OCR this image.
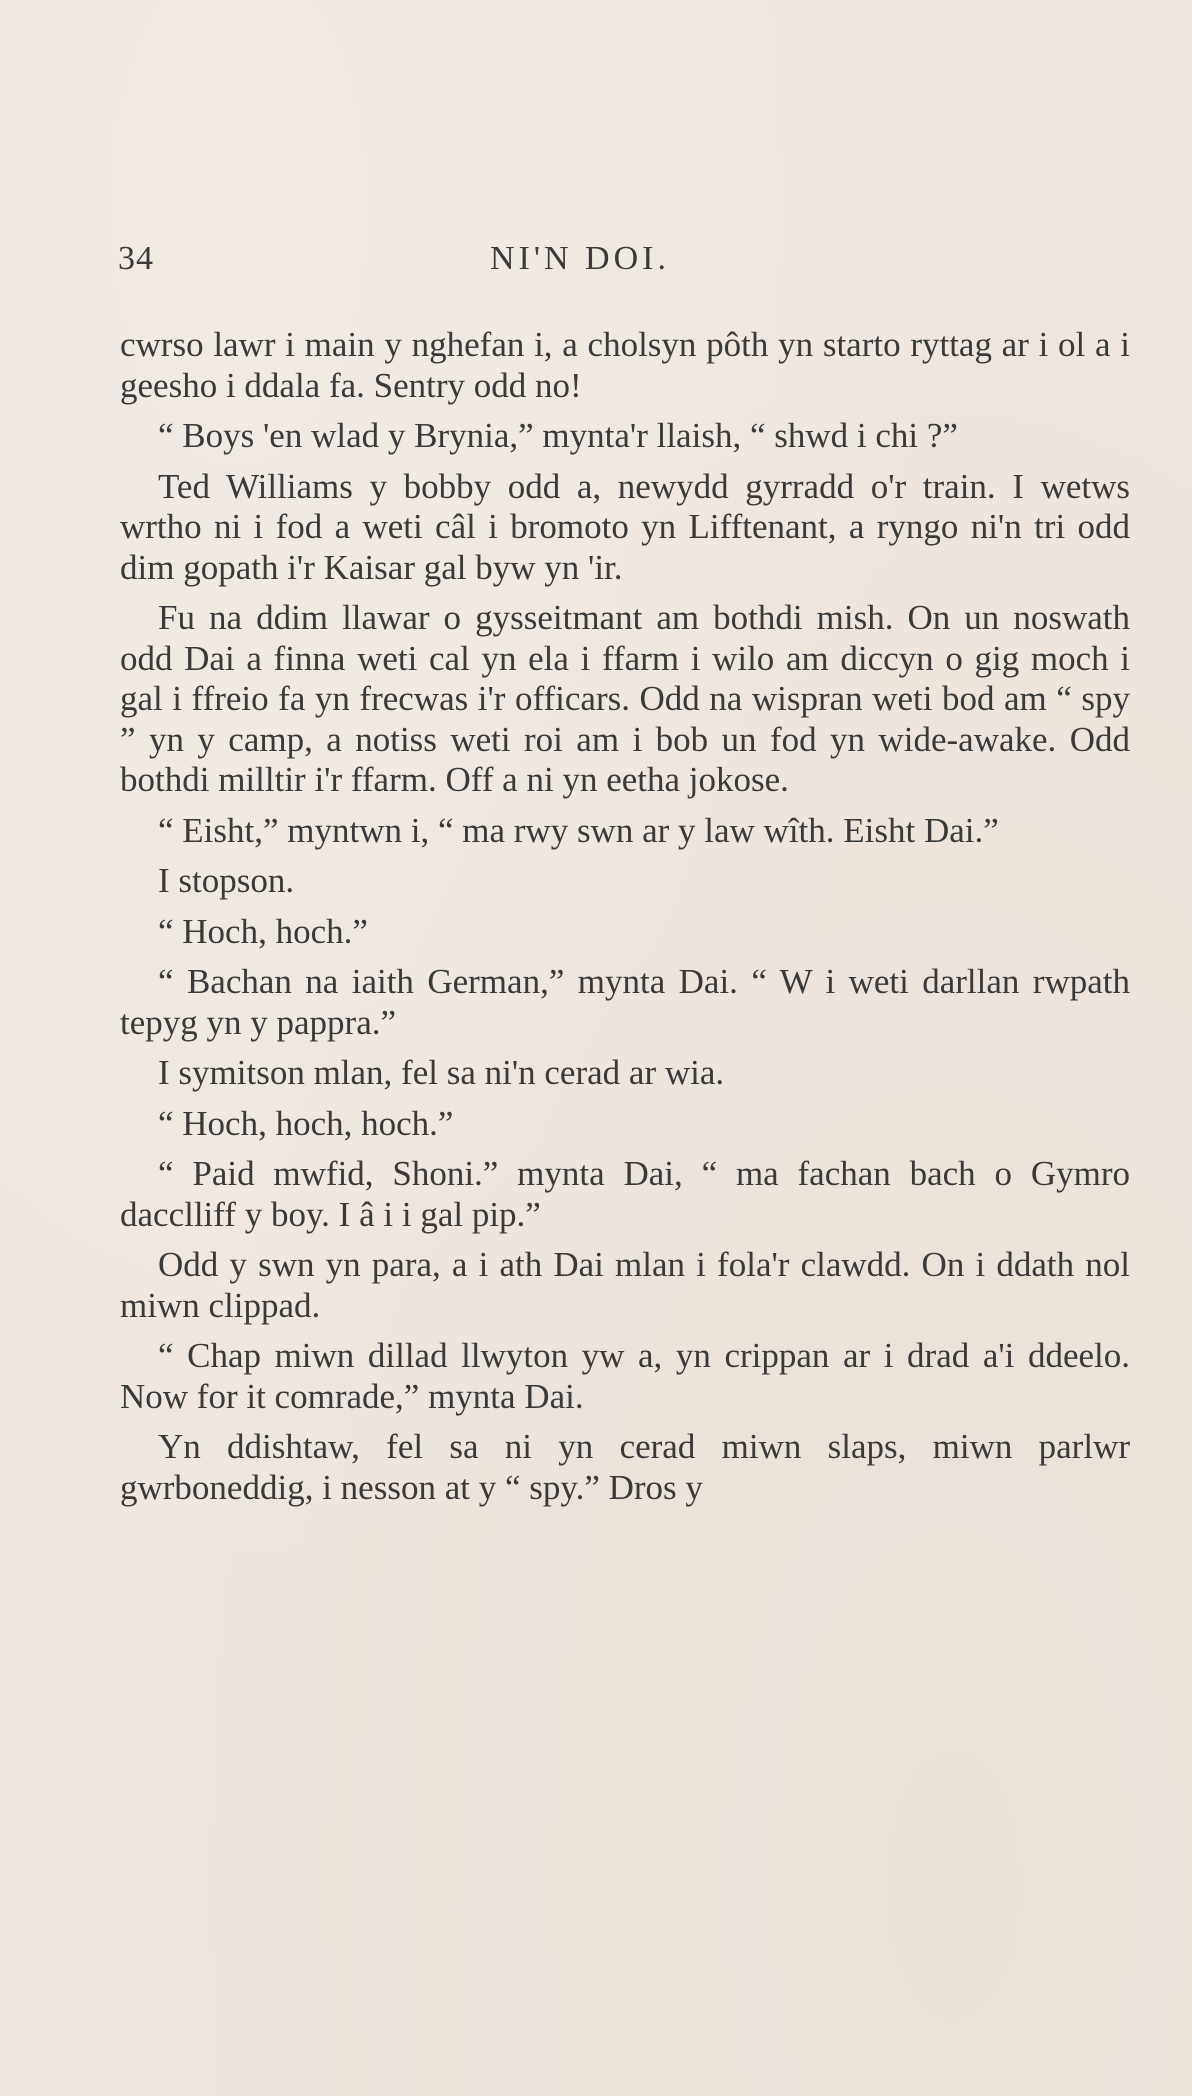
34	NI'N DOI.

cwrso lawr i main y nghefan i, a cholsyn pôth yn starto ryttag ar i ol a i geesho i ddala fa. Sentry odd no!

“ Boys 'en wlad y Brynia,” mynta'r llaish, “ shwd i chi ?”

Ted Williams y bobby odd a, newydd gyrradd o'r train. I wetws wrtho ni i fod a weti câl i bromoto yn Lifftenant, a ryngo ni'n tri odd dim gopath i'r Kaisar gal byw yn 'ir.

Fu na ddim llawar o gysseitmant am bothdi mish. On un noswath odd Dai a finna weti cal yn ela i ffarm i wilo am diccyn o gig moch i gal i ffreio fa yn frecwas i'r officars. Odd na wispran weti bod am “ spy ” yn y camp, a notiss weti roi am i bob un fod yn wide-awake. Odd bothdi milltir i'r ffarm. Off a ni yn eetha jokose.

“ Eisht,” myntwn i, “ ma rwy swn ar y law wîth. Eisht Dai.”

I stopson.

“ Hoch, hoch.”

“ Bachan na iaith German,” mynta Dai. “ W i weti darllan rwpath tepyg yn y pappra.”

I symitson mlan, fel sa ni'n cerad ar wia.

“ Hoch, hoch, hoch.”

“ Paid mwfid, Shoni.” mynta Dai, “ ma fachan bach o Gymro dacclliff y boy. I â i i gal pip.”

Odd y swn yn para, a i ath Dai mlan i fola'r clawdd. On i ddath nol miwn clippad.

“ Chap miwn dillad llwyton yw a, yn crippan ar i drad a'i ddeelo. Now for it comrade,” mynta Dai.

Yn ddishtaw, fel sa ni yn cerad miwn slaps, miwn parlwr gwrboneddig, i nesson at y “ spy.” Dros y
